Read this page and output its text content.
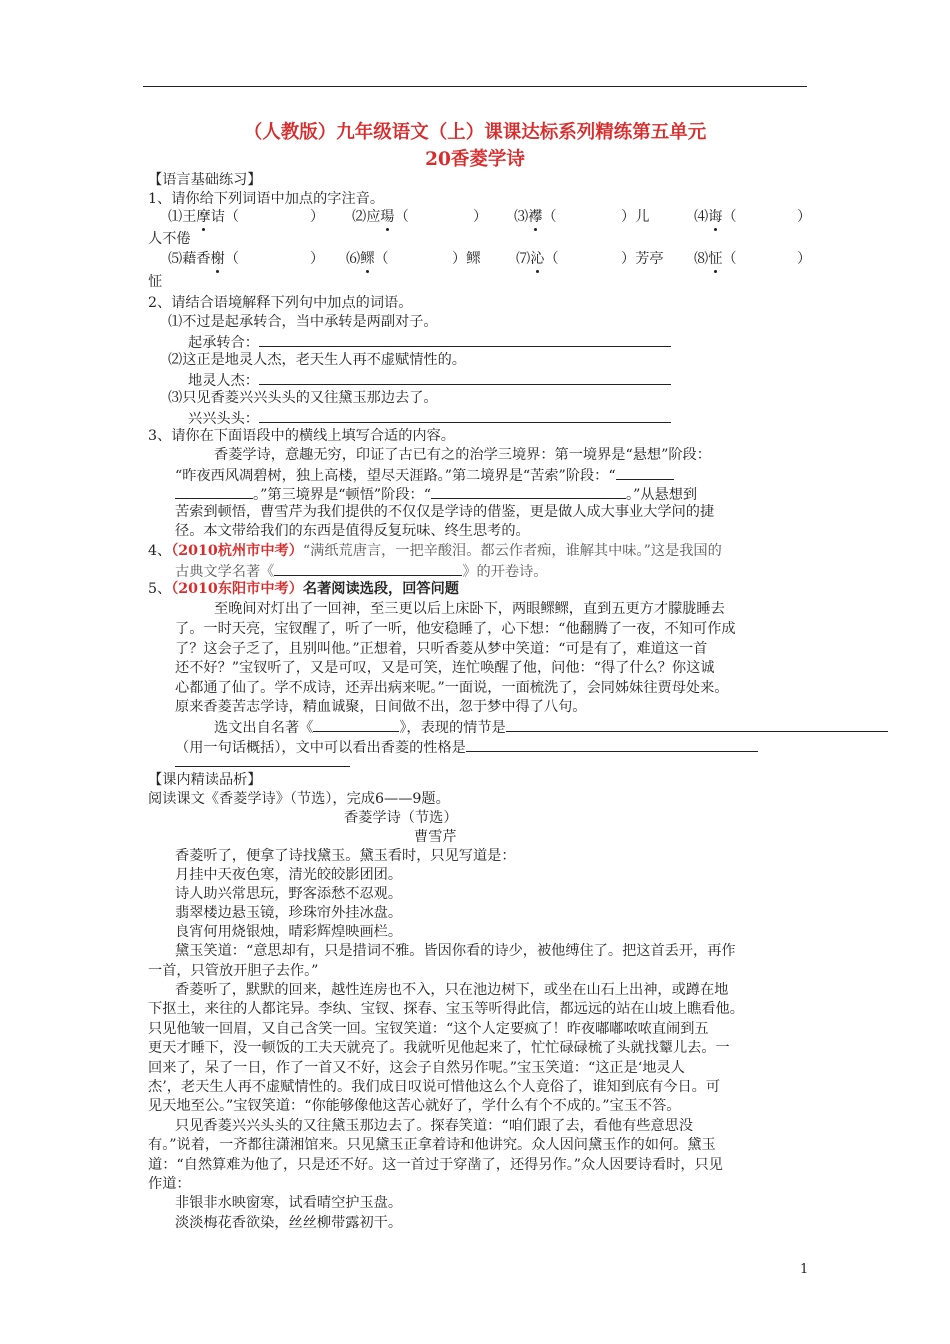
（人教版）九年级语文（上）课课达标系列精练第五单元
20香菱学诗
【语言基础练习】
1、请你给下列词语中加点的字注音。
⑴王摩诘（	） ⑵应瑒（	） ⑶襻（	）儿	⑷诲（	）
人不倦
⑸藉香榭（	） ⑹鳏（	）鳏	⑺沁（	）芳亭 ⑻怔（	）
怔
2、请结合语境解释下列句中加点的词语。
⑴不过是起承转合，当中承转是两副对子。
起承转合：
⑵这正是地灵人杰，老天生人再不虚赋情性的。
地灵人杰：
⑶只见香菱兴兴头头的又往黛玉那边去了。
兴兴头头：
3、请你在下面语段中的横线上填写合适的内容。
香菱学诗，意趣无穷，印证了古已有之的治学三境界：第一境界是“悬想”阶段：
“昨夜西风凋碧树，独上高楼，望尽天涯路。”第二境界是“苦索”阶段：“
。”第三境界是“顿悟”阶段：“	。”从悬想到
苦索到顿悟，曹雪芹为我们提供的不仅仅是学诗的借鉴，更是做人成大事业大学问的捷
径。本文带给我们的东西是值得反复玩味、终生思考的。
4、（2010杭州市中考）“满纸荒唐言，一把辛酸泪。都云作者痴，谁解其中味。”这是我国的
古典文学名著《	》的开卷诗。
5、（2010东阳市中考）名著阅读选段，回答问题
至晚间对灯出了一回神，至三更以后上床卧下，两眼鳏鳏，直到五更方才朦胧睡去
了。一时天亮，宝钗醒了，听了一听，他安稳睡了，心下想：“他翻腾了一夜，不知可作成
了？这会子乏了，且别叫他。”正想着，只听香菱从梦中笑道：“可是有了，难道这一首
还不好？”宝钗听了，又是可叹，又是可笑，连忙唤醒了他，问他：“得了什么？你这诚
心都通了仙了。学不成诗，还弄出病来呢。”一面说，一面梳洗了，会同姊妹往贾母处来。
原来香菱苦志学诗，精血诚聚，日间做不出，忽于梦中得了八句。
选文出自名著《	》，表现的情节是
（用一句话概括），文中可以看出香菱的性格是
【课内精读品析】
阅读课文《香菱学诗》（节选），完成6——9题。
香菱学诗（节选）
曹雪芹
香菱听了，便拿了诗找黛玉。黛玉看时，只见写道是：
月挂中天夜色寒，清光皎皎影团团。
诗人助兴常思玩，野客添愁不忍观。
翡翠楼边悬玉镜，珍珠帘外挂冰盘。
良宵何用烧银烛，晴彩辉煌映画栏。
黛玉笑道：“意思却有，只是措词不雅。皆因你看的诗少，被他缚住了。把这首丢开，再作
一首，只管放开胆子去作。”
香菱听了，默默的回来，越性连房也不入，只在池边树下，或坐在山石上出神，或蹲在地
下抠土，来往的人都诧异。李纨、宝钗、探春、宝玉等听得此信，都远远的站在山坡上瞧看他。
只见他皱一回眉，又自己含笑一回。宝钗笑道：“这个人定要疯了！昨夜嘟嘟哝哝直闹到五
更天才睡下，没一顿饭的工夫天就亮了。我就听见他起来了，忙忙碌碌梳了头就找颦儿去。一
回来了，呆了一日，作了一首又不好，这会子自然另作呢。”宝玉笑道：“这正是‘地灵人
杰’，老天生人再不虚赋情性的。我们成日叹说可惜他这么个人竟俗了，谁知到底有今日。可
见天地至公。”宝钗笑道：“你能够像他这苦心就好了，学什么有个不成的。”宝玉不答。
只见香菱兴兴头头的又往黛玉那边去了。探春笑道：“咱们跟了去，看他有些意思没
有。”说着，一齐都往潇湘馆来。只见黛玉正拿着诗和他讲究。众人因问黛玉作的如何。黛玉
道：“自然算难为他了，只是还不好。这一首过于穿凿了，还得另作。”众人因要诗看时，只见
作道：
非银非水映窗寒，试看晴空护玉盘。
淡淡梅花香欲染，丝丝柳带露初干。
1
